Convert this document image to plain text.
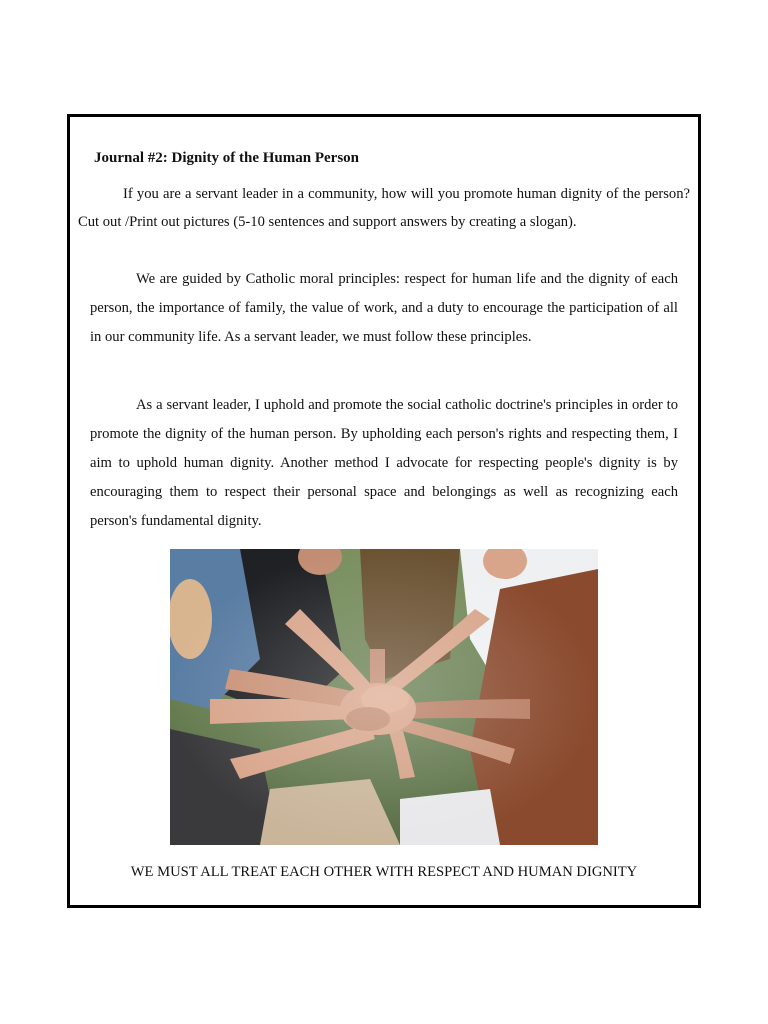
Journal #2: Dignity of the Human Person

If you are a servant leader in a community, how will you promote human dignity of the person? Cut out /Print out pictures (5-10 sentences and support answers by creating a slogan).

We are guided by Catholic moral principles: respect for human life and the dignity of each person, the importance of family, the value of work, and a duty to encourage the participation of all in our community life. As a servant leader, we must follow these principles.

As a servant leader, I uphold and promote the social catholic doctrine's principles in order to promote the dignity of the human person. By upholding each person's rights and respecting them, I aim to uphold human dignity. Another method I advocate for respecting people's dignity is by encouraging them to respect their personal space and belongings as well as recognizing each person's fundamental dignity.

WE MUST ALL TREAT EACH OTHER WITH RESPECT AND HUMAN DIGNITY
